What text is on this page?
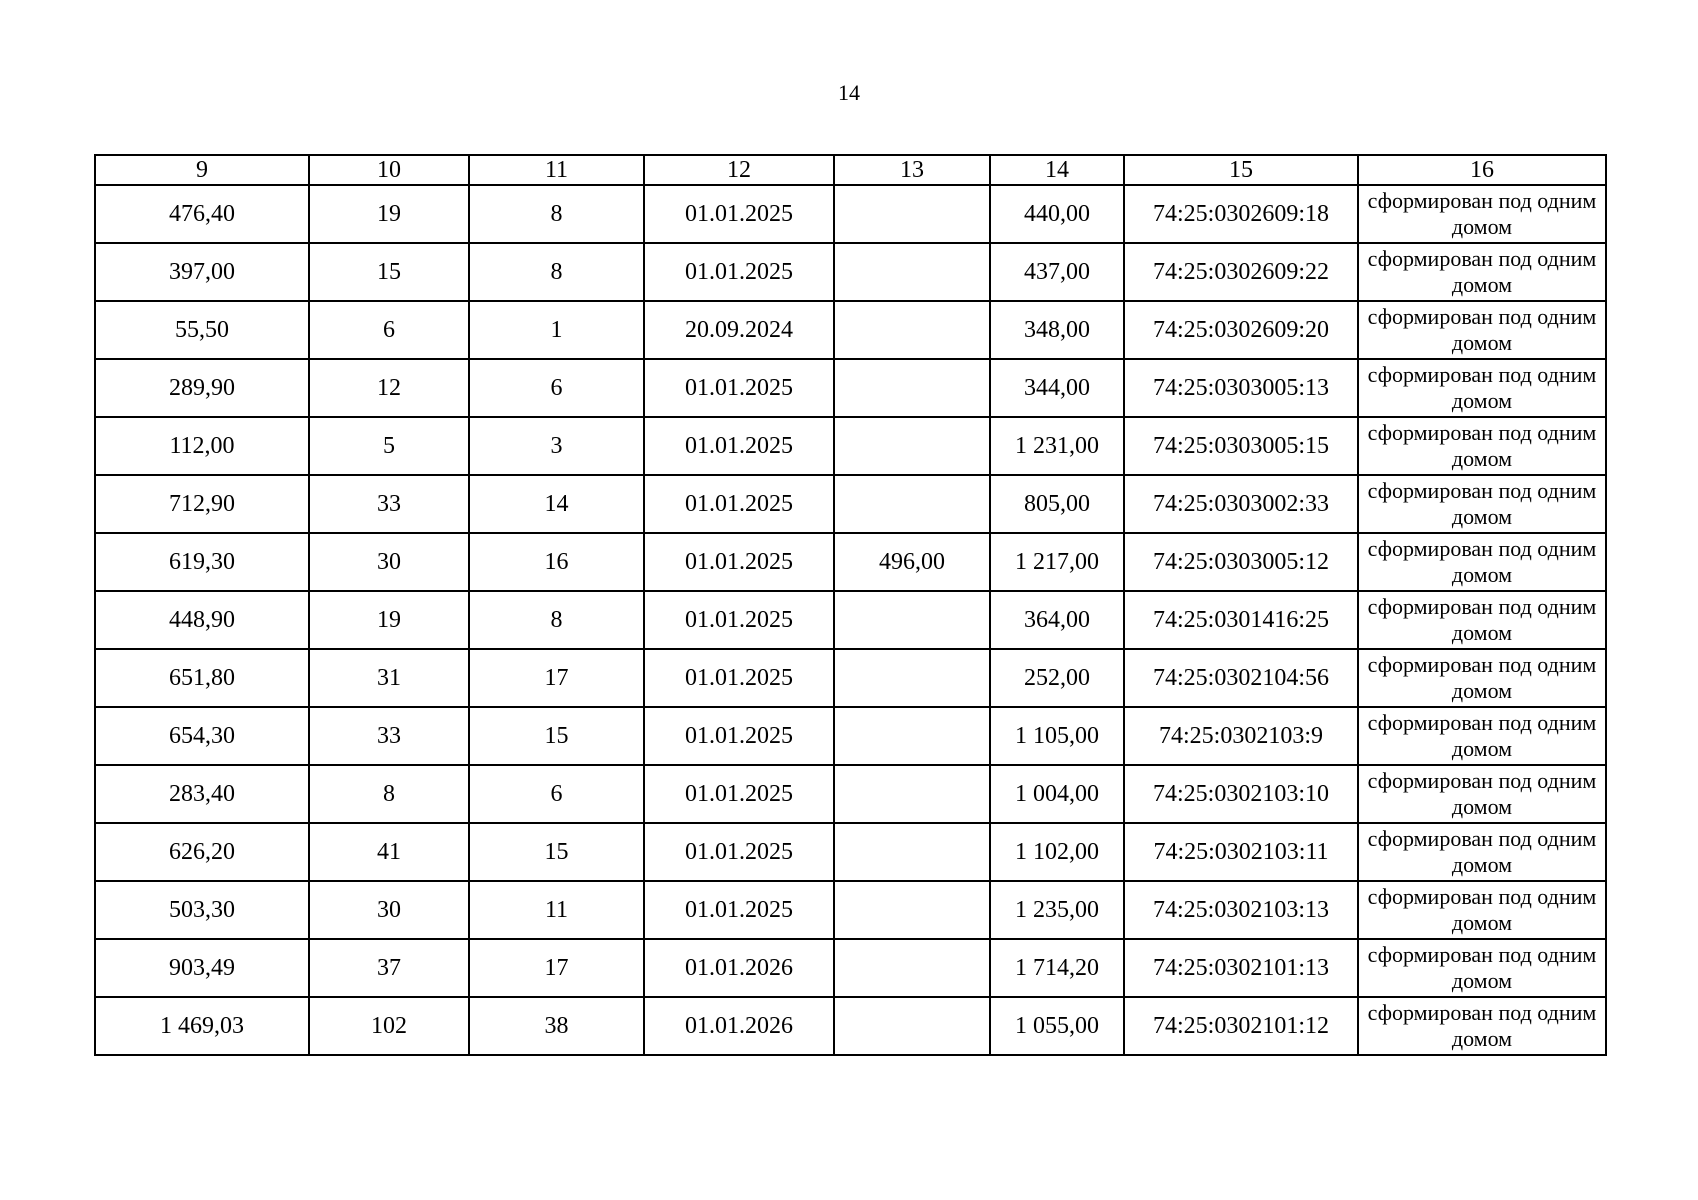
14
9	10	11	12	13	14	15	16
476,40	19	8	01.01.2025		440,00	74:25:0302609:18	сформирован под одним домом
397,00	15	8	01.01.2025		437,00	74:25:0302609:22	сформирован под одним домом
55,50	6	1	20.09.2024		348,00	74:25:0302609:20	сформирован под одним домом
289,90	12	6	01.01.2025		344,00	74:25:0303005:13	сформирован под одним домом
112,00	5	3	01.01.2025		1 231,00	74:25:0303005:15	сформирован под одним домом
712,90	33	14	01.01.2025		805,00	74:25:0303002:33	сформирован под одним домом
619,30	30	16	01.01.2025	496,00	1 217,00	74:25:0303005:12	сформирован под одним домом
448,90	19	8	01.01.2025		364,00	74:25:0301416:25	сформирован под одним домом
651,80	31	17	01.01.2025		252,00	74:25:0302104:56	сформирован под одним домом
654,30	33	15	01.01.2025		1 105,00	74:25:0302103:9	сформирован под одним домом
283,40	8	6	01.01.2025		1 004,00	74:25:0302103:10	сформирован под одним домом
626,20	41	15	01.01.2025		1 102,00	74:25:0302103:11	сформирован под одним домом
503,30	30	11	01.01.2025		1 235,00	74:25:0302103:13	сформирован под одним домом
903,49	37	17	01.01.2026		1 714,20	74:25:0302101:13	сформирован под одним домом
1 469,03	102	38	01.01.2026		1 055,00	74:25:0302101:12	сформирован под одним домом
